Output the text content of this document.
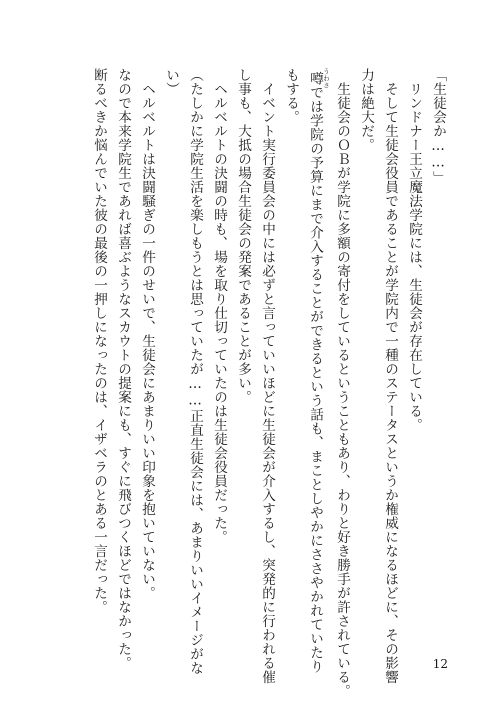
「生徒会か……」
リンドナー王立魔法学院には、生徒会が存在している。
そして生徒会役員であることが学院内で一種のステータスというか権威になるほどに、その影響
力は絶大だ。
生徒会のＯＢが学院に多額の寄付をしているということもあり、わりと好き勝手が許されている。
噂 うわさでは学院の予算にまで介入することができるという話も、まことしやかにささやかれていたり
もする。
イベント実行委員会の中には必ずと言っていいほどに生徒会が介入するし、突発的に行われる催
し事も、大抵の場合生徒会の発案であることが多い。
ヘルベルトの決闘の時も、場を取り仕切っていたのは生徒会役員だった。
（たしかに学院生活を楽しもうとは思っていたが……正直生徒会には、あまりいいイメージがな
い）
ヘルベルトは決闘騒ぎの一件のせいで、生徒会にあまりいい印象を抱いていない。
なので本来学院生であれば喜ぶようなスカウトの提案にも、すぐに飛びつくほどではなかった。
断るべきか悩んでいた彼の最後の一押しになったのは、イザベラのとある一言だった。
12
